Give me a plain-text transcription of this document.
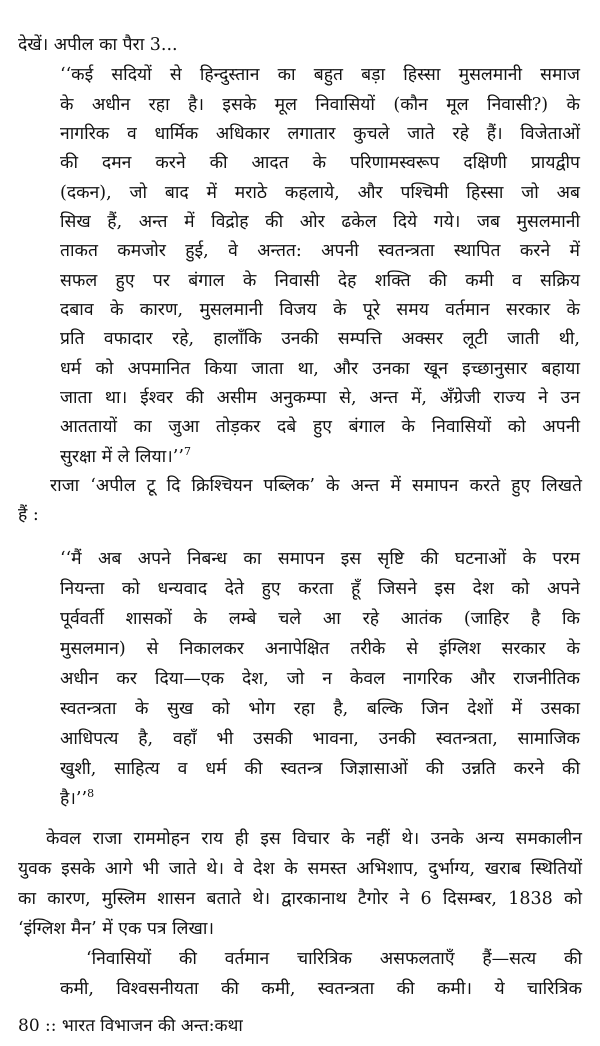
देखें। अपील का पैरा 3...

‘‘कई सदियों से हिन्दुस्तान का बहुत बड़ा हिस्सा मुसलमानी समाज

के अधीन रहा है। इसके मूल निवासियों (कौन मूल निवासी?) के

नागरिक व धार्मिक अधिकार लगातार कुचले जाते रहे हैं। विजेताओं

की दमन करने की आदत के परिणामस्वरूप दक्षिणी प्रायद्वीप

(दकन), जो बाद में मराठे कहलाये, और पश्चिमी हिस्सा जो अब

सिख हैं, अन्त में विद्रोह की ओर ढकेल दिये गये। जब मुसलमानी

ताकत कमजोर हुई, वे अन्तत: अपनी स्वतन्त्रता स्थापित करने में

सफल हुए पर बंगाल के निवासी देह शक्ति की कमी व सक्रिय

दबाव के कारण, मुसलमानी विजय के पूरे समय वर्तमान सरकार के

प्रति वफादार रहे, हालाँकि उनकी सम्पत्ति अक्सर लूटी जाती थी,

धर्म को अपमानित किया जाता था, और उनका खून इच्छानुसार बहाया

जाता था। ईश्वर की असीम अनुकम्पा से, अन्त में, अँग्रेजी राज्य ने उन

आततायों का जुआ तोड़कर दबे हुए बंगाल के निवासियों को अपनी

सुरक्षा में ले लिया।’’$^7$

राजा ‘अपील टू दि क्रिश्चियन पब्लिक’ के अन्त में समापन करते हुए लिखते

हैं :

‘‘मैं अब अपने निबन्ध का समापन इस सृष्टि की घटनाओं के परम

नियन्ता को धन्यवाद देते हुए करता हूँ जिसने इस देश को अपने

पूर्ववर्ती शासकों के लम्बे चले आ रहे आतंक (जाहिर है कि

मुसलमान) से निकालकर अनापेक्षित तरीके से इंग्लिश सरकार के

अधीन कर दिया—एक देश, जो न केवल नागरिक और राजनीतिक

स्वतन्त्रता के सुख को भोग रहा है, बल्कि जिन देशों में उसका

आधिपत्य है, वहाँ भी उसकी भावना, उनकी स्वतन्त्रता, सामाजिक

खुशी, साहित्य व धर्म की स्वतन्त्र जिज्ञासाओं की उन्नति करने की

है।’’$^8$

केवल राजा राममोहन राय ही इस विचार के नहीं थे। उनके अन्य समकालीन

युवक इसके आगे भी जाते थे। वे देश के समस्त अभिशाप, दुर्भाग्य, खराब स्थितियों

का कारण, मुस्लिम शासन बताते थे। द्वारकानाथ टैगोर ने 6 दिसम्बर, 1838 को

‘इंग्लिश मैन’ में एक पत्र लिखा।

‘निवासियों की वर्तमान चारित्रिक असफलताएँ हैं—सत्य की

कमी, विश्वसनीयता की कमी, स्वतन्त्रता की कमी। ये चारित्रिक

80 :: भारत विभाजन की अन्त:कथा
